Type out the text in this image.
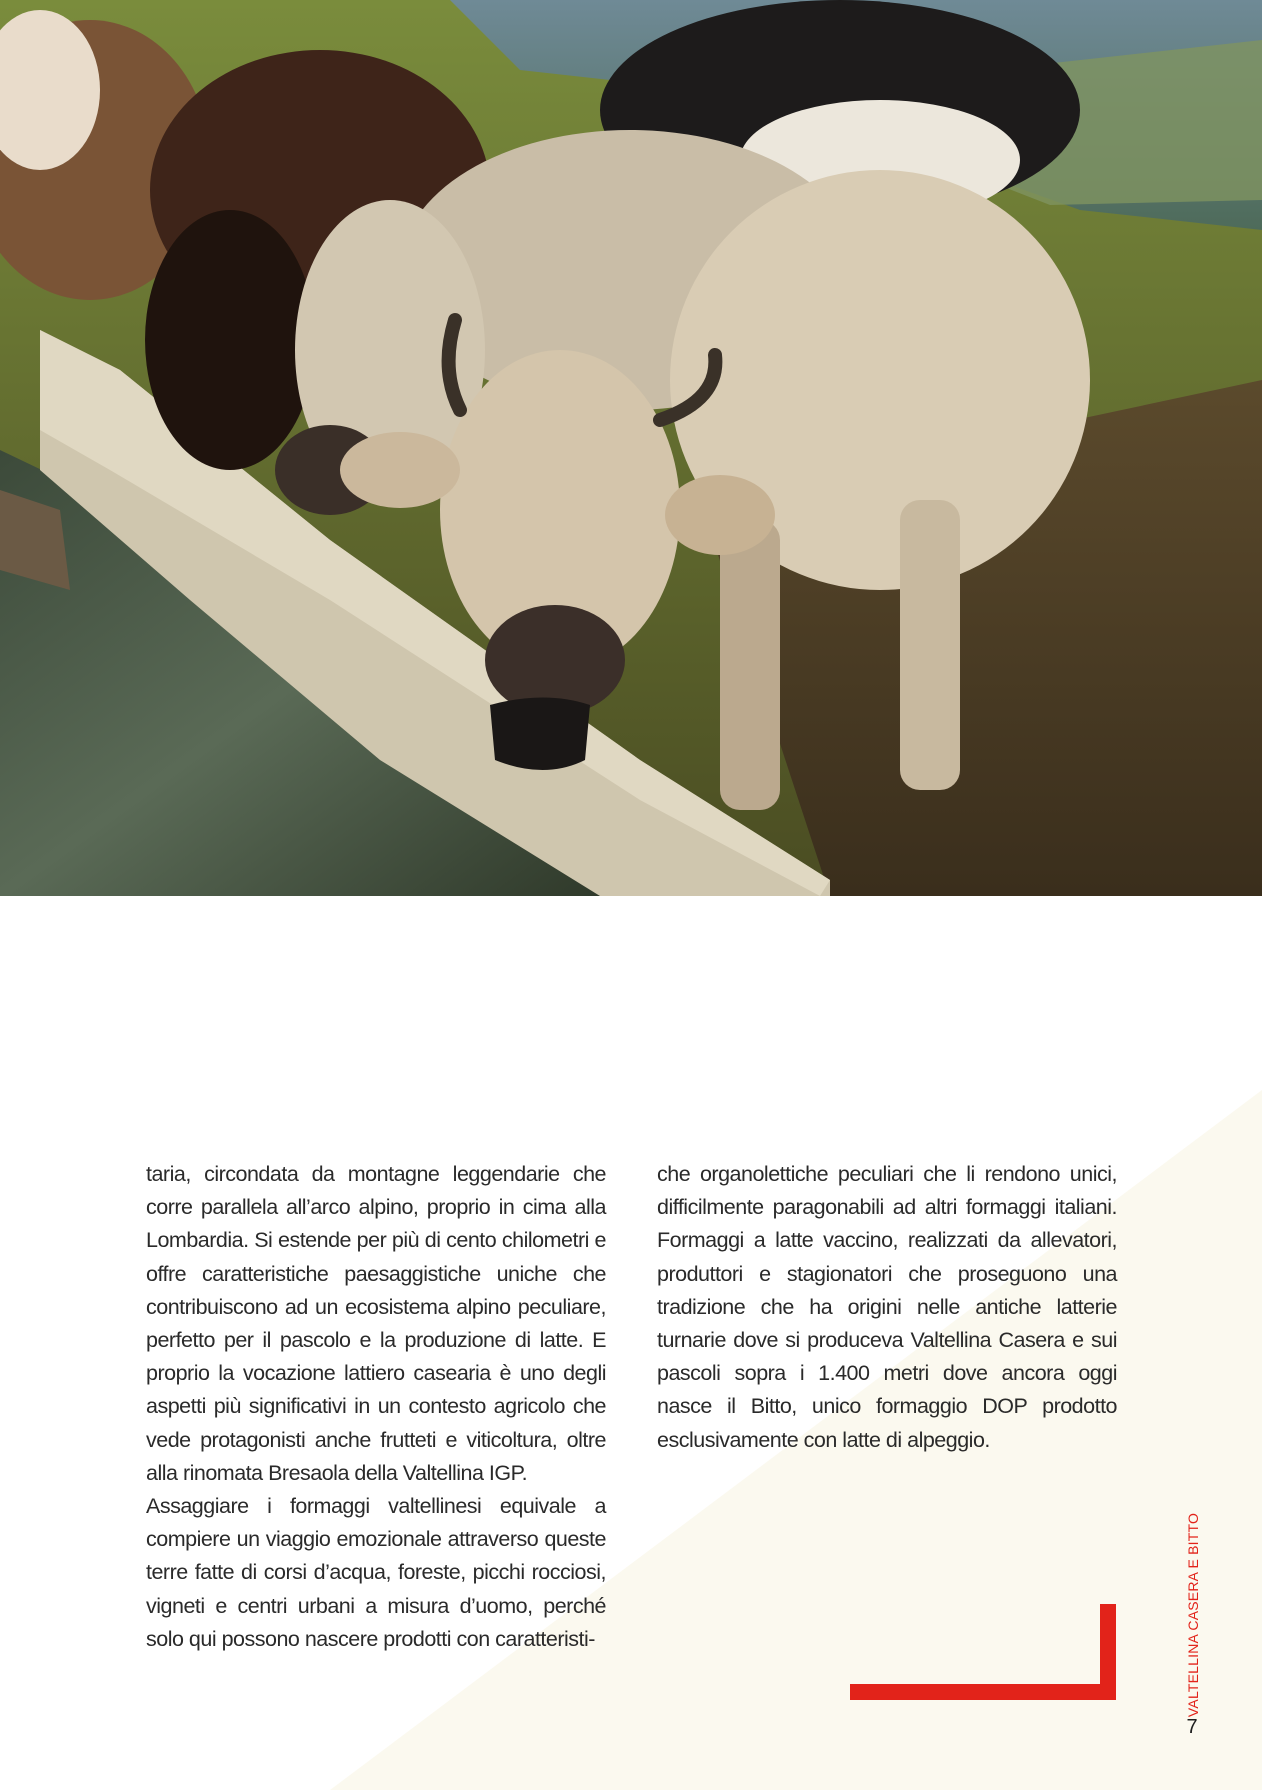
taria, circondata da montagne leggendarie che corre parallela all’arco alpino, proprio in cima alla Lombardia. Si estende per più di cento chilometri e offre caratteristiche paesaggistiche uniche che contribuiscono ad un ecosistema alpino peculiare, perfetto per il pascolo e la produzione di latte. E proprio la vocazione lattiero casearia è uno degli aspetti più significativi in un contesto agricolo che vede protagonisti anche frutteti e viticoltura, oltre alla rinomata Bresaola della Valtellina IGP.

Assaggiare i formaggi valtellinesi equivale a compiere un viaggio emozionale attraverso queste terre fatte di corsi d’acqua, foreste, picchi rocciosi, vigneti e centri urbani a misura d’uomo, perché solo qui possono nascere prodotti con caratteristi-

che organolettiche peculiari che li rendono unici, difficilmente paragonabili ad altri formaggi italiani. Formaggi a latte vaccino, realizzati da allevatori, produttori e stagionatori che proseguono una tradizione che ha origini nelle antiche latterie turnarie dove si produceva Valtellina Casera e sui pascoli sopra i 1.400 metri dove ancora oggi nasce il Bitto, unico formaggio DOP prodotto esclusivamente con latte di alpeggio.

VALTELLINA CASERA E BITTO
7
